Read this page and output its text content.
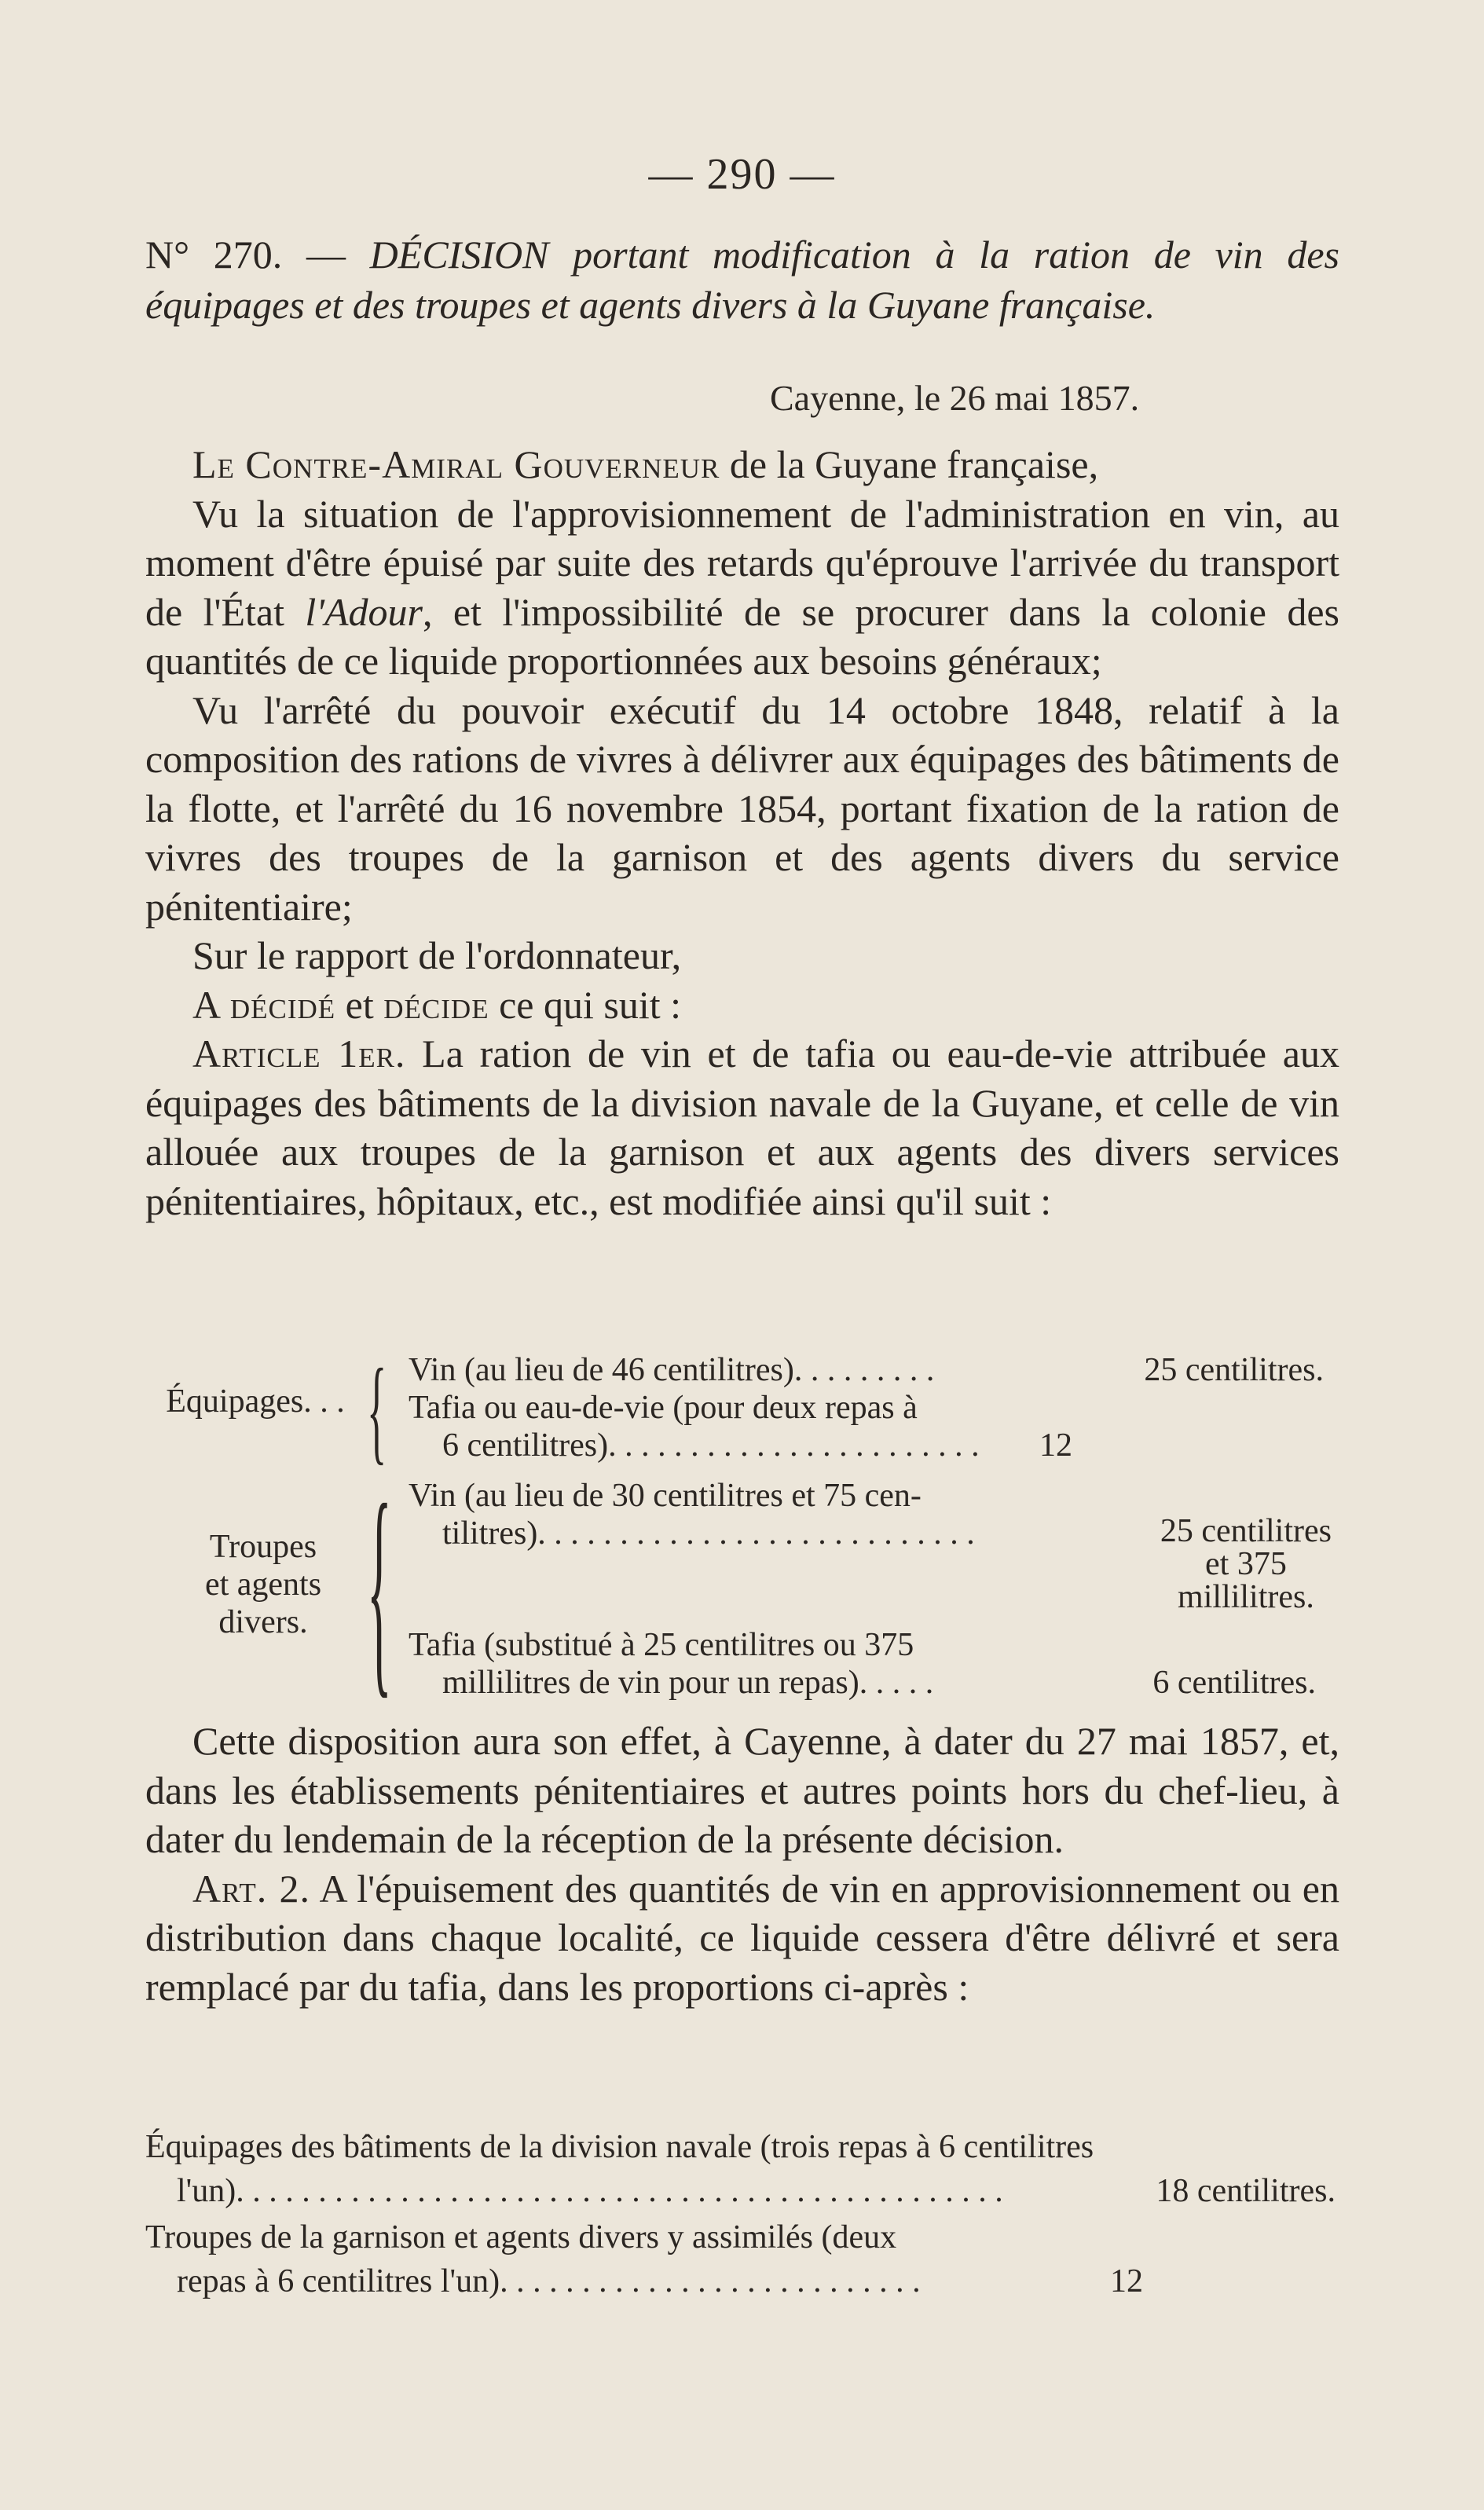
— 290 —
N° 270. — DÉCISION portant modification à la ration de vin des équipages et des troupes et agents divers à la Guyane française.
Cayenne, le 26 mai 1857.

Le Contre-Amiral Gouverneur de la Guyane française,

Vu la situation de l'approvisionnement de l'administration en vin, au moment d'être épuisé par suite des retards qu'éprouve l'arrivée du transport de l'État l'Adour, et l'impossibilité de se procurer dans la colonie des quantités de ce liquide proportionnées aux besoins généraux;

Vu l'arrêté du pouvoir exécutif du 14 octobre 1848, relatif à la composition des rations de vivres à délivrer aux équipages des bâtiments de la flotte, et l'arrêté du 16 novembre 1854, portant fixation de la ration de vivres des troupes de la garnison et des agents divers du service pénitentiaire;

Sur le rapport de l'ordonnateur,

A décidé et décide ce qui suit :

Article 1er. La ration de vin et de tafia ou eau-de-vie attribuée aux équipages des bâtiments de la division navale de la Guyane, et celle de vin allouée aux troupes de la garnison et aux agents des divers services pénitentiaires, hôpitaux, etc., est modifiée ainsi qu'il suit :

Équipages. . . { Vin (au lieu de 46 centilitres). . . . . . . . .	25 centilitres.
Tafia ou eau-de-vie (pour deux repas à
6 centilitres). . . . . . . . . . . . . . . . . . . . . . . 12
Troupes
et agents
divers. { Vin (au lieu de 30 centilitres et 75 cen-
tilitres). . . . . . . . . . . . . . . . . . . . . . . . . . .	25 centilitres
et 375
millilitres.
Tafia (substitué à 25 centilitres ou 375
millilitres de vin pour un repas). . . . .	6 centilitres.

Cette disposition aura son effet, à Cayenne, à dater du 27 mai 1857, et, dans les établissements pénitentiaires et autres points hors du chef-lieu, à dater du lendemain de la réception de la présente décision.

Art. 2. A l'épuisement des quantités de vin en approvisionnement ou en distribution dans chaque localité, ce liquide cessera d'être délivré et sera remplacé par du tafia, dans les proportions ci-après :

Équipages des bâtiments de la division navale (trois repas à 6 centilitres
l'un). . . . . . . . . . . . . . . . . . . . . . . . . . . . . . . . . . . . . . . . . . . . . . .	18 centilitres.
Troupes de la garnison et agents divers y assimilés (deux
repas à 6 centilitres l'un). . . . . . . . . . . . . . . . . . . . . . . . . .	12
